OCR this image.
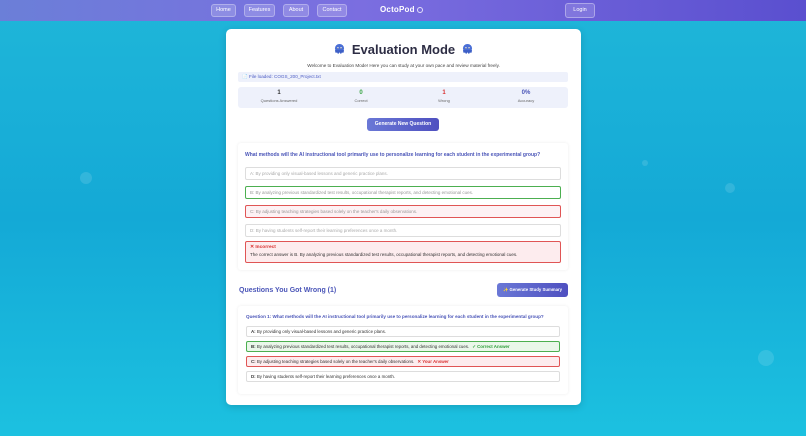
Home	Features	About	Contact	OctoPod	Login
Evaluation Mode
Welcome to Evaluation Mode! Here you can study at your own pace and review material freely.
📄 File loaded: COGS_200_Project.txt
1
Questions Answered
0
Correct
1
Wrong
0%
Accuracy
Generate New Question
What methods will the AI instructional tool primarily use to personalize learning for each student in the experimental group?
A: By providing only visual-based lessons and generic practice plans.
B: By analyzing previous standardized test results, occupational therapist reports, and detecting emotional cues.
C: By adjusting teaching strategies based solely on the teacher's daily observations.
D: By having students self-report their learning preferences once a month.
✕ Incorrect
The correct answer is B. By analyzing previous standardized test results, occupational therapist reports, and detecting emotional cues.
Questions You Got Wrong (1)	✨ Generate Study Summary
Question 1: What methods will the AI instructional tool primarily use to personalize learning for each student in the experimental group?
A: By providing only visual-based lessons and generic practice plans.
B: By analyzing previous standardized test results, occupational therapist reports, and detecting emotional cues. ✓ Correct Answer
C: By adjusting teaching strategies based solely on the teacher's daily observations. ✕ Your Answer
D: By having students self-report their learning preferences once a month.
